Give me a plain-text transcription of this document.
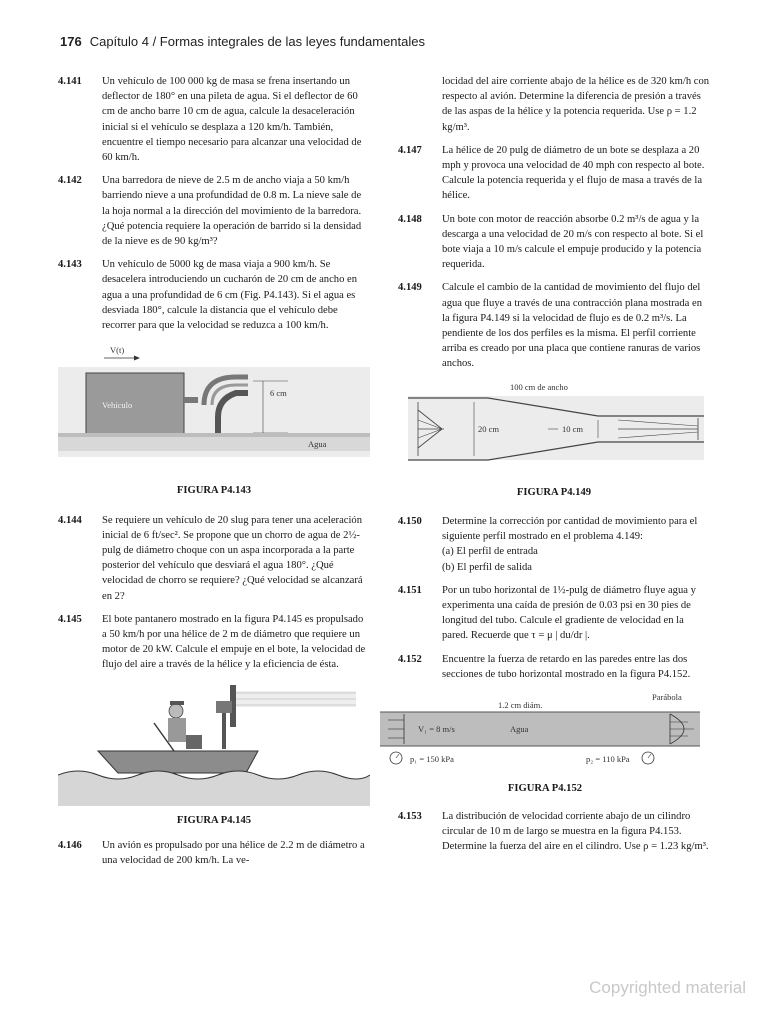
176 Capítulo 4 / Formas integrales de las leyes fundamentales
4.141 Un vehículo de 100 000 kg de masa se frena insertando un deflector de 180° en una pileta de agua. Si el deflector de 60 cm de ancho barre 10 cm de agua, calcule la desaceleración inicial si el vehículo se desplaza a 120 km/h. También, encuentre el tiempo necesario para alcanzar una velocidad de 60 km/h.
4.142 Una barredora de nieve de 2.5 m de ancho viaja a 50 km/h barriendo nieve a una profundidad de 0.8 m. La nieve sale de la hoja normal a la dirección del movimiento de la barredora. ¿Qué potencia requiere la operación de barrido si la densidad de la nieve es de 90 kg/m³?
4.143 Un vehículo de 5000 kg de masa viaja a 900 km/h. Se desacelera introduciendo un cucharón de 20 cm de ancho en agua a una profundidad de 6 cm (Fig. P4.143). Si el agua es desviada 180°, calcule la distancia que el vehículo debe recorrer para que la velocidad se reduzca a 100 km/h.
V(t)
Vehículo
6 cm
Agua
FIGURA P4.143
4.144 Se requiere un vehículo de 20 slug para tener una aceleración inicial de 6 ft/sec². Se propone que un chorro de agua de 2½-pulg de diámetro choque con un aspa incorporada a la parte posterior del vehículo que desviará el agua 180°. ¿Qué velocidad de chorro se requiere? ¿Qué velocidad se alcanzará en 2?
4.145 El bote pantanero mostrado en la figura P4.145 es propulsado a 50 km/h por una hélice de 2 m de diámetro que requiere un motor de 20 kW. Calcule el empuje en el bote, la velocidad de flujo del aire a través de la hélice y la eficiencia de ésta.
FIGURA P4.145
4.146 Un avión es propulsado por una hélice de 2.2 m de diámetro a una velocidad de 200 km/h. La ve-
locidad del aire corriente abajo de la hélice es de 320 km/h con respecto al avión. Determine la diferencia de presión a través de las aspas de la hélice y la potencia requerida. Use ρ = 1.2 kg/m³.
4.147 La hélice de 20 pulg de diámetro de un bote se desplaza a 20 mph y provoca una velocidad de 40 mph con respecto al bote. Calcule la potencia requerida y el flujo de masa a través de la hélice.
4.148 Un bote con motor de reacción absorbe 0.2 m³/s de agua y la descarga a una velocidad de 20 m/s con respecto al bote. Si el bote viaja a 10 m/s calcule el empuje producido y la potencia requerida.
4.149 Calcule el cambio de la cantidad de movimiento del flujo del agua que fluye a través de una contracción plana mostrada en la figura P4.149 si la velocidad de flujo es de 0.2 m³/s. La pendiente de los dos perfiles es la misma. El perfil corriente arriba es creado por una placa que contiene ranuras de varios anchos.
100 cm de ancho
20 cm	10 cm
FIGURA P4.149
4.150 Determine la corrección por cantidad de movimiento para el siguiente perfil mostrado en el problema 4.149:
(a) El perfil de entrada
(b) El perfil de salida
4.151 Por un tubo horizontal de 1½-pulg de diámetro fluye agua y experimenta una caída de presión de 0.03 psi en 30 pies de longitud del tubo. Calcule el gradiente de velocidad en la pared. Recuerde que τ = μ | du/dr |.
4.152 Encuentre la fuerza de retardo en las paredes entre las dos secciones de tubo horizontal mostrado en la figura P4.152.
Parábola
1.2 cm diám.
V₁ = 8 m/s	Agua
p₁ = 150 kPa	p₂ = 110 kPa
FIGURA P4.152
4.153 La distribución de velocidad corriente abajo de un cilindro circular de 10 m de largo se muestra en la figura P4.153. Determine la fuerza del aire en el cilindro. Use ρ = 1.23 kg/m³.
Copyrighted material
